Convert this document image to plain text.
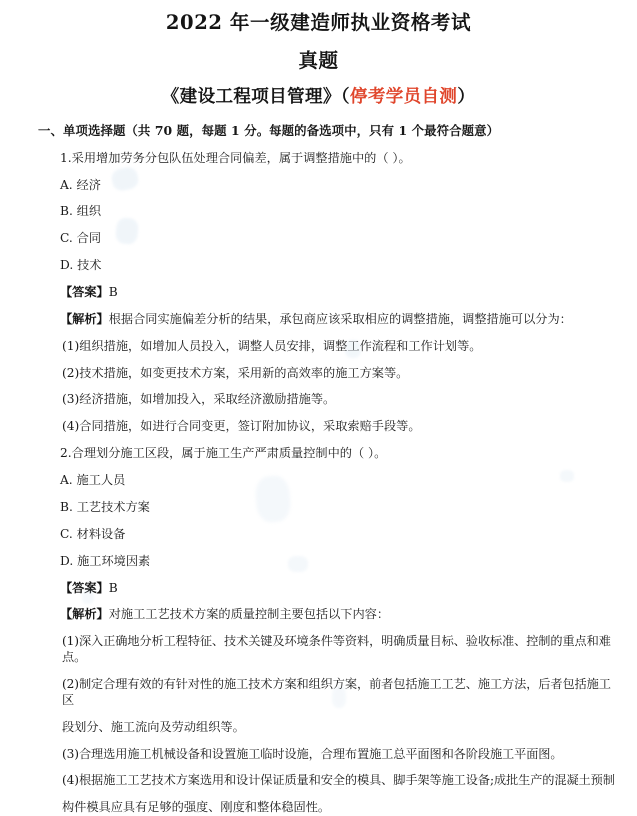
2022 年一级建造师执业资格考试
真题
《建设工程项目管理》（停考学员自测）
一、单项选择题（共 70 题，每题 1 分。每题的备选项中，只有 1 个最符合题意）

1.采用增加劳务分包队伍处理合同偏差，属于调整措施中的（ ）。

A. 经济

B. 组织

C. 合同

D. 技术

【答案】B

【解析】根据合同实施偏差分析的结果，承包商应该采取相应的调整措施，调整措施可以分为：

(1)组织措施，如增加人员投入，调整人员安排，调整工作流程和工作计划等。

(2)技术措施，如变更技术方案，采用新的高效率的施工方案等。

(3)经济措施，如增加投入，采取经济激励措施等。

(4)合同措施，如进行合同变更，签订附加协议，采取索赔手段等。

2.合理划分施工区段，属于施工生产严肃质量控制中的（ ）。

A. 施工人员

B. 工艺技术方案

C. 材料设备

D. 施工环境因素

【答案】B

【解析】对施工工艺技术方案的质量控制主要包括以下内容：

(1)深入正确地分析工程特征、技术关键及环境条件等资料，明确质量目标、验收标准、控制的重点和难点。

(2)制定合理有效的有针对性的施工技术方案和组织方案，前者包括施工工艺、施工方法，后者包括施工区

段划分、施工流向及劳动组织等。

(3)合理选用施工机械设备和设置施工临时设施，合理布置施工总平面图和各阶段施工平面图。

(4)根据施工工艺技术方案选用和设计保证质量和安全的模具、脚手架等施工设备;成批生产的混凝土预制

构件模具应具有足够的强度、刚度和整体稳固性。
